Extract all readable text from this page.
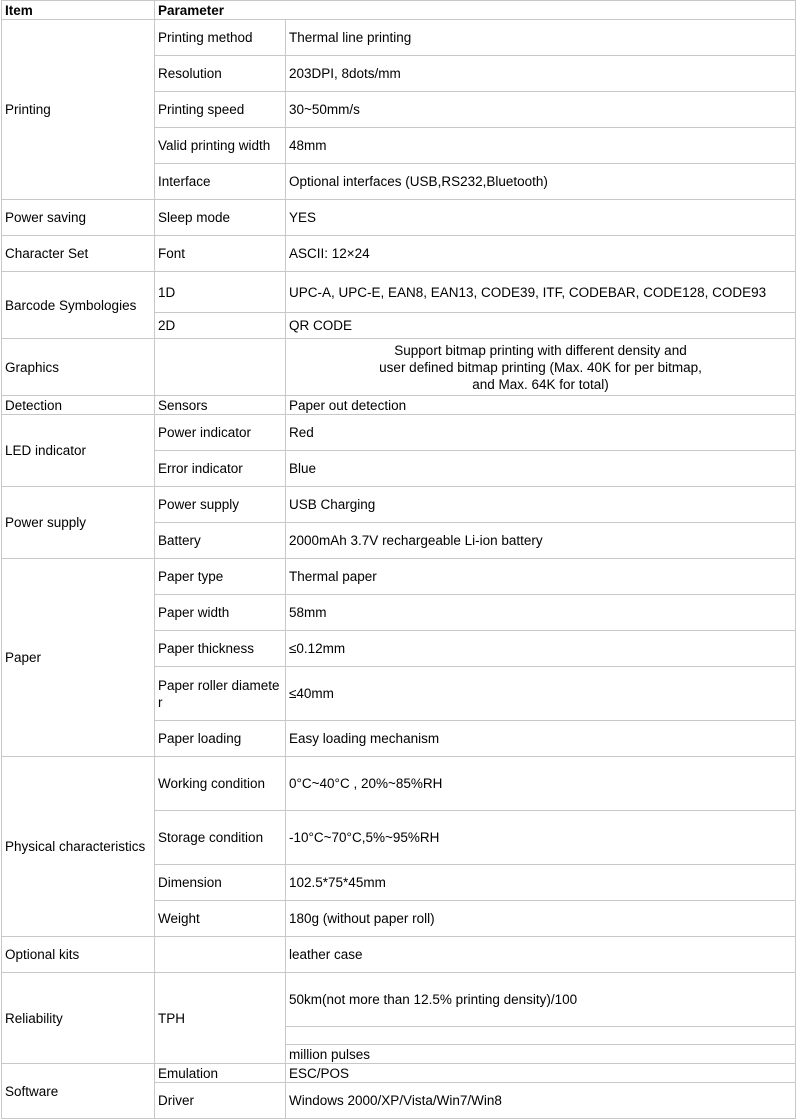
Item	Parameter	
Printing	Printing method	Thermal line printing
	Resolution	203DPI, 8dots/mm
	Printing speed	30~50mm/s
	Valid printing width	48mm
	Interface	Optional interfaces (USB,RS232,Bluetooth)
Power saving	Sleep mode	YES
Character Set	Font	ASCII: 12×24
Barcode Symbologies	1D	UPC-A, UPC-E, EAN8, EAN13, CODE39, ITF, CODEBAR, CODE128, CODE93
	2D	QR CODE
Graphics		Support bitmap printing with different density and
user defined bitmap printing (Max. 40K for per bitmap,
and Max. 64K for total)

Detection	Sensors	Paper out detection
LED indicator	Power indicator	Red
	Error indicator	Blue
Power supply	Power supply	USB Charging
	Battery	2000mAh 3.7V rechargeable Li-ion battery
Paper	Paper type	Thermal paper
	Paper width	58mm
	Paper thickness	≤0.12mm
	Paper roller diameter	≤40mm
	Paper loading	Easy loading mechanism
Physical characteristics	Working condition	0°C~40°C , 20%~85%RH
	Storage condition	-10°C~70°C,5%~95%RH
	Dimension	102.5*75*45mm
	Weight	180g (without paper roll)
Optional kits		leather case
Reliability	TPH	50km(not more than 12.5% printing density)/100

		million pulses
Software	Emulation	ESC/POS
	Driver	Windows 2000/XP/Vista/Win7/Win8
